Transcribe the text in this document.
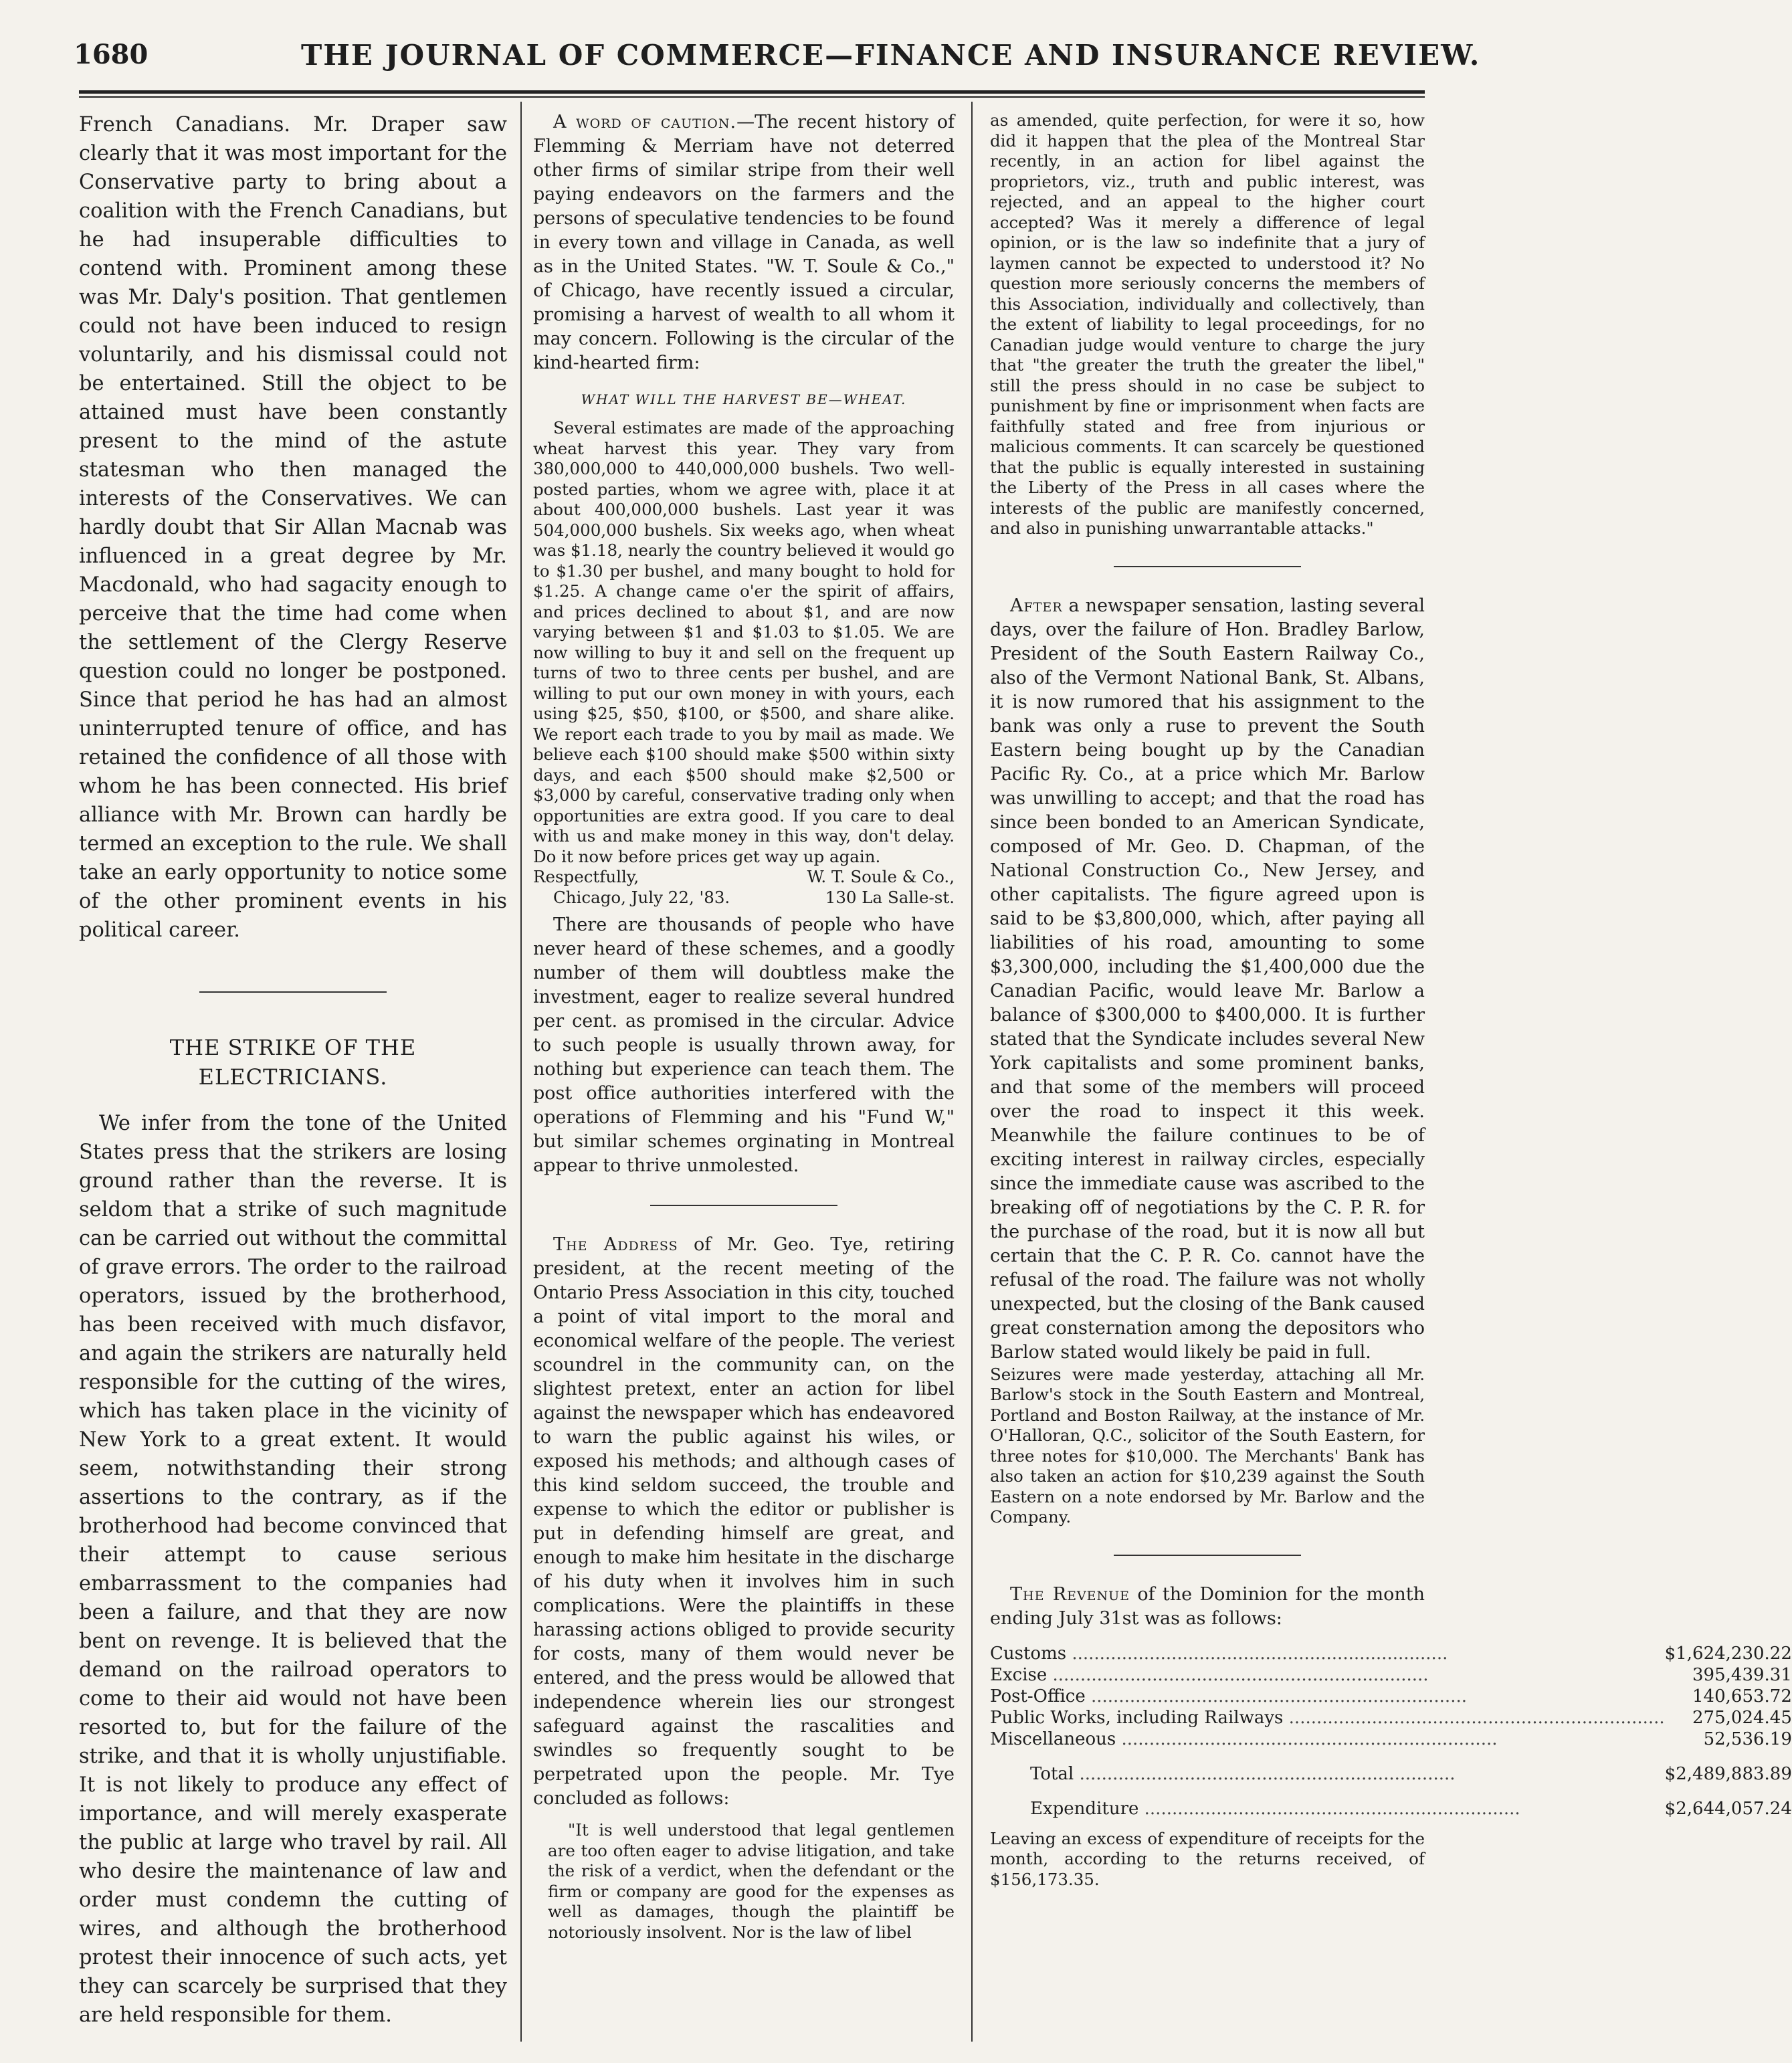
1680	THE JOURNAL OF COMMERCE—FINANCE AND INSURANCE REVIEW.

French Canadians. Mr. Draper saw clearly that it was most important for the Conservative party to bring about a coalition with the French Canadians, but he had insuperable difficulties to contend with. Prominent among these was Mr. Daly's position. That gentlemen could not have been induced to resign voluntarily, and his dismissal could not be entertained. Still the object to be attained must have been constantly present to the mind of the astute statesman who then managed the interests of the Conservatives. We can hardly doubt that Sir Allan Macnab was influenced in a great degree by Mr. Macdonald, who had sagacity enough to perceive that the time had come when the settlement of the Clergy Reserve question could no longer be postponed. Since that period he has had an almost uninterrupted tenure of office, and has retained the confidence of all those with whom he has been connected. His brief alliance with Mr. Brown can hardly be termed an exception to the rule. We shall take an early opportunity to notice some of the other prominent events in his political career.

THE STRIKE OF THE ELECTRICIANS.

We infer from the tone of the United States press that the strikers are losing ground rather than the reverse. It is seldom that a strike of such magnitude can be carried out without the committal of grave errors. The order to the railroad operators, issued by the brotherhood, has been received with much disfavor, and again the strikers are naturally held responsible for the cutting of the wires, which has taken place in the vicinity of New York to a great extent. It would seem, notwithstanding their strong assertions to the contrary, as if the brotherhood had become convinced that their attempt to cause serious embarrassment to the companies had been a failure, and that they are now bent on revenge. It is believed that the demand on the railroad operators to come to their aid would not have been resorted to, but for the failure of the strike, and that it is wholly unjustifiable. It is not likely to produce any effect of importance, and will merely exasperate the public at large who travel by rail. All who desire the maintenance of law and order must condemn the cutting of wires, and although the brotherhood protest their innocence of such acts, yet they can scarcely be surprised that they are held responsible for them.

A word of caution.—The recent history of Flemming & Merriam have not deterred other firms of similar stripe from their well paying endeavors on the farmers and the persons of speculative tendencies to be found in every town and village in Canada, as well as in the United States. "W. T. Soule & Co.," of Chicago, have recently issued a circular, promising a harvest of wealth to all whom it may concern. Following is the circular of the kind-hearted firm:

WHAT WILL THE HARVEST BE—WHEAT.

Several estimates are made of the approaching wheat harvest this year. They vary from 380,000,000 to 440,000,000 bushels. Two well-posted parties, whom we agree with, place it at about 400,000,000 bushels. Last year it was 504,000,000 bushels. Six weeks ago, when wheat was $1.18, nearly the country believed it would go to $1.30 per bushel, and many bought to hold for $1.25. A change came o'er the spirit of affairs, and prices declined to about $1, and are now varying between $1 and $1.03 to $1.05. We are now willing to buy it and sell on the frequent up turns of two to three cents per bushel, and are willing to put our own money in with yours, each using $25, $50, $100, or $500, and share alike. We report each trade to you by mail as made. We believe each $100 should make $500 within sixty days, and each $500 should make $2,500 or $3,000 by careful, conservative trading only when opportunities are extra good. If you care to deal with us and make money in this way, don't delay. Do it now before prices get way up again.

Respectfully,	W. T. Soule & Co.,
Chicago, July 22, '83.	130 La Salle-st.

There are thousands of people who have never heard of these schemes, and a goodly number of them will doubtless make the investment, eager to realize several hundred per cent. as promised in the circular. Advice to such people is usually thrown away, for nothing but experience can teach them. The post office authorities interfered with the operations of Flemming and his "Fund W," but similar schemes orginating in Montreal appear to thrive unmolested.

The Address of Mr. Geo. Tye, retiring president, at the recent meeting of the Ontario Press Association in this city, touched a point of vital import to the moral and economical welfare of the people. The veriest scoundrel in the community can, on the slightest pretext, enter an action for libel against the newspaper which has endeavored to warn the public against his wiles, or exposed his methods; and although cases of this kind seldom succeed, the trouble and expense to which the editor or publisher is put in defending himself are great, and enough to make him hesitate in the discharge of his duty when it involves him in such complications. Were the plaintiffs in these harassing actions obliged to provide security for costs, many of them would never be entered, and the press would be allowed that independence wherein lies our strongest safeguard against the rascalities and swindles so frequently sought to be perpetrated upon the people. Mr. Tye concluded as follows:

"It is well understood that legal gentlemen are too often eager to advise litigation, and take the risk of a verdict, when the defendant or the firm or company are good for the expenses as well as damages, though the plaintiff be notoriously insolvent. Nor is the law of libel

as amended, quite perfection, for were it so, how did it happen that the plea of the Montreal Star recently, in an action for libel against the proprietors, viz., truth and public interest, was rejected, and an appeal to the higher court accepted? Was it merely a difference of legal opinion, or is the law so indefinite that a jury of laymen cannot be expected to understood it? No question more seriously concerns the members of this Association, individually and collectively, than the extent of liability to legal proceedings, for no Canadian judge would venture to charge the jury that "the greater the truth the greater the libel," still the press should in no case be subject to punishment by fine or imprisonment when facts are faithfully stated and free from injurious or malicious comments. It can scarcely be questioned that the public is equally interested in sustaining the Liberty of the Press in all cases where the interests of the public are manifestly concerned, and also in punishing unwarrantable attacks."

After a newspaper sensation, lasting several days, over the failure of Hon. Bradley Barlow, President of the South Eastern Railway Co., also of the Vermont National Bank, St. Albans, it is now rumored that his assignment to the bank was only a ruse to prevent the South Eastern being bought up by the Canadian Pacific Ry. Co., at a price which Mr. Barlow was unwilling to accept; and that the road has since been bonded to an American Syndicate, composed of Mr. Geo. D. Chapman, of the National Construction Co., New Jersey, and other capitalists. The figure agreed upon is said to be $3,800,000, which, after paying all liabilities of his road, amounting to some $3,300,000, including the $1,400,000 due the Canadian Pacific, would leave Mr. Barlow a balance of $300,000 to $400,000. It is further stated that the Syndicate includes several New York capitalists and some prominent banks, and that some of the members will proceed over the road to inspect it this week. Meanwhile the failure continues to be of exciting interest in railway circles, especially since the immediate cause was ascribed to the breaking off of negotiations by the C. P. R. for the purchase of the road, but it is now all but certain that the C. P. R. Co. cannot have the refusal of the road. The failure was not wholly unexpected, but the closing of the Bank caused great consternation among the depositors who Barlow stated would likely be paid in full.

Seizures were made yesterday, attaching all Mr. Barlow's stock in the South Eastern and Montreal, Portland and Boston Railway, at the instance of Mr. O'Halloran, Q.C., solicitor of the South Eastern, for three notes for $10,000. The Merchants' Bank has also taken an action for $10,239 against the South Eastern on a note endorsed by Mr. Barlow and the Company.

The Revenue of the Dominion for the month ending July 31st was as follows:

Customs .....	$1,624,230.22
Excise .....	395,439.31
Post-Office .....	140,653.72
Public Works, including Railways .....	275,024.45
Miscellaneous .....	52,536.19
Total .....	$2,489,883.89
Expenditure .....	$2,644,057.24

Leaving an excess of expenditure of receipts for the month, according to the returns received, of $156,173.35.
